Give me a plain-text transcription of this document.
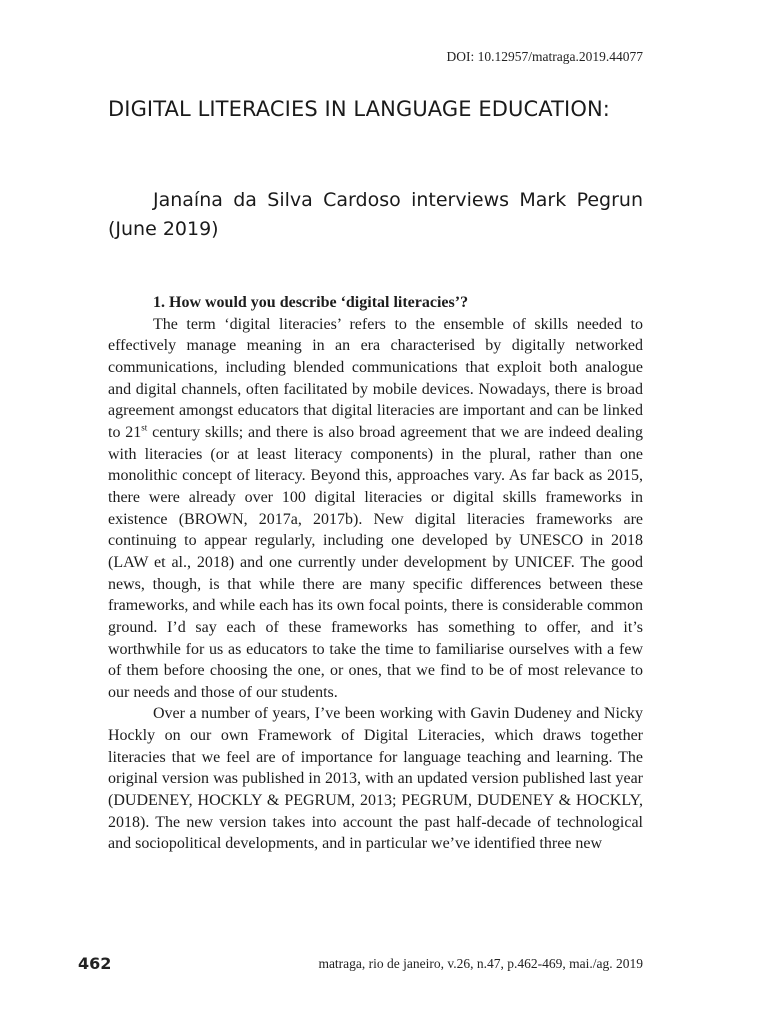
DOI: 10.12957/matraga.2019.44077
DIGITAL LITERACIES IN LANGUAGE EDUCATION:
Janaína da Silva Cardoso interviews Mark Pegrun (June 2019)

1. How would you describe ‘digital literacies’?

The term ‘digital literacies’ refers to the ensemble of skills needed to effectively manage meaning in an era characterised by digitally networked communications, including blended communications that exploit both analogue and digital channels, often facilitated by mobile devices. Nowadays, there is broad agreement amongst educators that digital literacies are important and can be linked to 21st century skills; and there is also broad agreement that we are indeed dealing with literacies (or at least literacy components) in the plural, rather than one monolithic concept of literacy. Beyond this, approaches vary. As far back as 2015, there were already over 100 digital literacies or digital skills frameworks in existence (BROWN, 2017a, 2017b). New digital literacies frameworks are continuing to appear regularly, including one developed by UNESCO in 2018 (LAW et al., 2018) and one currently under development by UNICEF. The good news, though, is that while there are many specific differences between these frameworks, and while each has its own focal points, there is considerable common ground. I’d say each of these frameworks has something to offer, and it’s worthwhile for us as educators to take the time to familiarise ourselves with a few of them before choosing the one, or ones, that we find to be of most relevance to our needs and those of our students.

Over a number of years, I’ve been working with Gavin Dudeney and Nicky Hockly on our own Framework of Digital Literacies, which draws together literacies that we feel are of importance for language teaching and learning. The original version was published in 2013, with an updated version published last year (DUDENEY, HOCKLY & PEGRUM, 2013; PEGRUM, DUDENEY & HOCKLY, 2018). The new version takes into account the past half-decade of technological and sociopolitical developments, and in particular we’ve identified three new

462	matraga, rio de janeiro, v.26, n.47, p.462-469, mai./ag. 2019
